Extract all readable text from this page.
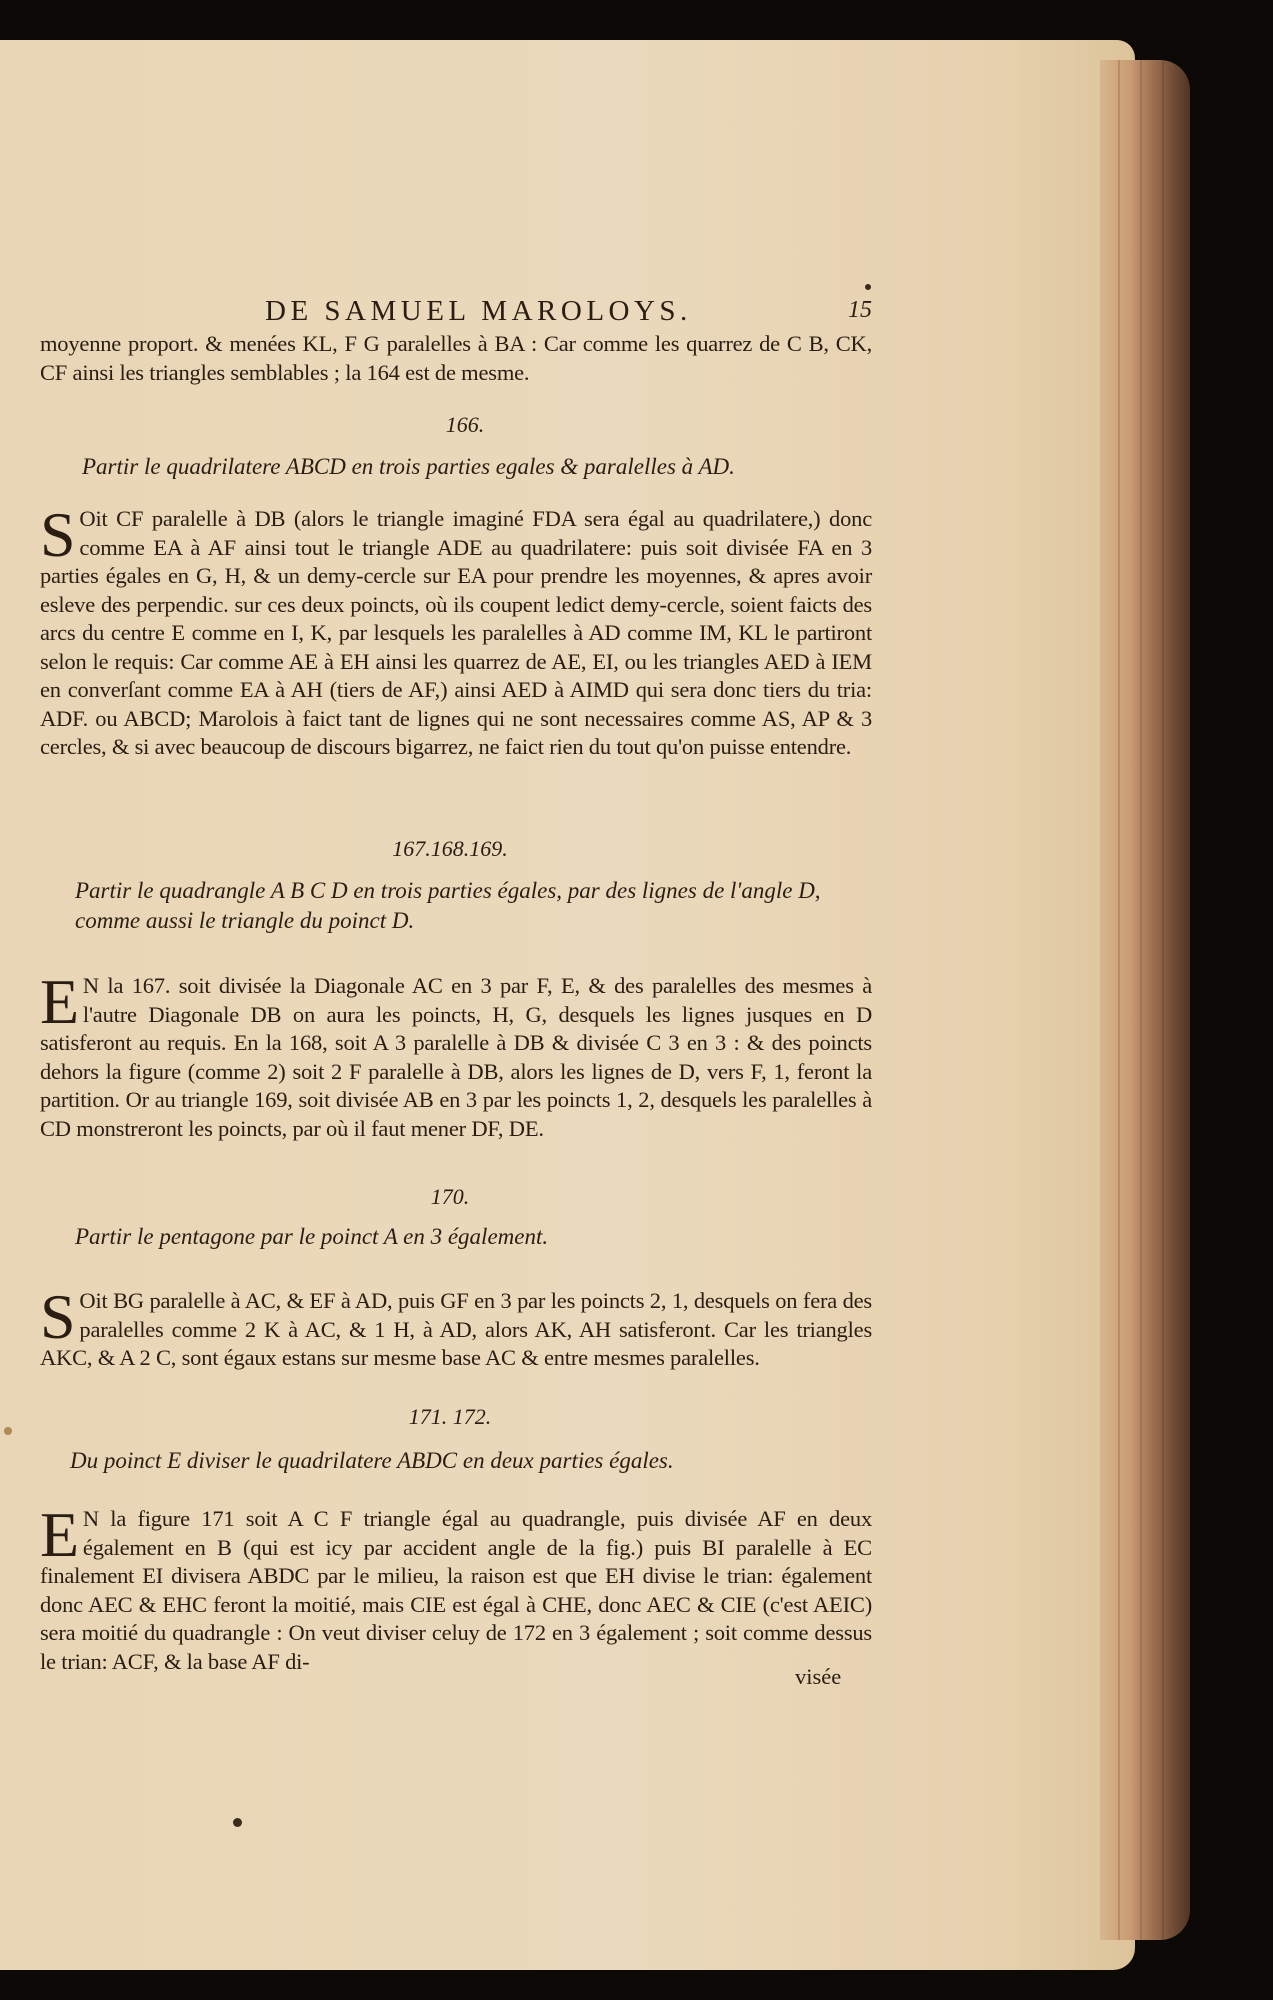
DE SAMUEL MAROLOYS.	15

moyenne proport. & menées KL, F G paralelles à BA : Car comme les quarrez de C B, CK, CF ainsi les triangles semblables ; la 164 est de mesme.

166.
Partir le quadrilatere ABCD en trois parties egales & paralelles à AD.

S Oit CF paralelle à DB (alors le triangle imaginé FDA sera égal au quadrilatere,) donc comme EA à AF ainsi tout le triangle ADE au quadrilatere: puis soit divisée FA en 3 parties égales en G, H, & un demy-cercle sur EA pour prendre les moyennes, & apres avoir esleve des perpendic. sur ces deux poincts, où ils coupent ledict demy-cercle, soient faicts des arcs du centre E comme en I, K, par lesquels les paralelles à AD comme IM, KL le partiront selon le requis: Car comme AE à EH ainsi les quarrez de AE, EI, ou les triangles AED à IEM en converſant comme EA à AH (tiers de AF,) ainsi AED à AIMD qui sera donc tiers du tria: ADF. ou ABCD; Marolois à faict tant de lignes qui ne sont necessaires comme AS, AP & 3 cercles, & si avec beaucoup de discours bigarrez, ne faict rien du tout qu'on puisse entendre.

167.168.169.
Partir le quadrangle A B C D en trois parties égales, par des lignes de l'angle D, comme aussi le triangle du poinct D.

E N la 167. soit divisée la Diagonale AC en 3 par F, E, & des paralelles des mesmes à l'autre Diagonale DB on aura les poincts, H, G, desquels les lignes jusques en D satisferont au requis. En la 168, soit A 3 paralelle à DB & divisée C 3 en 3 : & des poincts dehors la figure (comme 2) soit 2 F paralelle à DB, alors les lignes de D, vers F, 1, feront la partition. Or au triangle 169, soit divisée AB en 3 par les poincts 1, 2, desquels les paralelles à CD monstreront les poincts, par où il faut mener DF, DE.

170.
Partir le pentagone par le poinct A en 3 également.

S Oit BG paralelle à AC, & EF à AD, puis GF en 3 par les poincts 2, 1, desquels on fera des paralelles comme 2 K à AC, & 1 H, à AD, alors AK, AH satisferont. Car les triangles AKC, & A 2 C, sont égaux estans sur mesme base AC & entre mesmes paralelles.

171. 172.
Du poinct E diviser le quadrilatere ABDC en deux parties égales.

E N la figure 171 soit A C F triangle égal au quadrangle, puis divisée AF en deux également en B (qui est icy par accident angle de la fig.) puis BI paralelle à EC finalement EI divisera ABDC par le milieu, la raison est que EH divise le trian: également donc AEC & EHC feront la moitié, mais CIE est égal à CHE, donc AEC & CIE (c'est AEIC) sera moitié du quadrangle : On veut diviser celuy de 172 en 3 également ; soit comme dessus le trian: ACF, & la base AF di-

visée
